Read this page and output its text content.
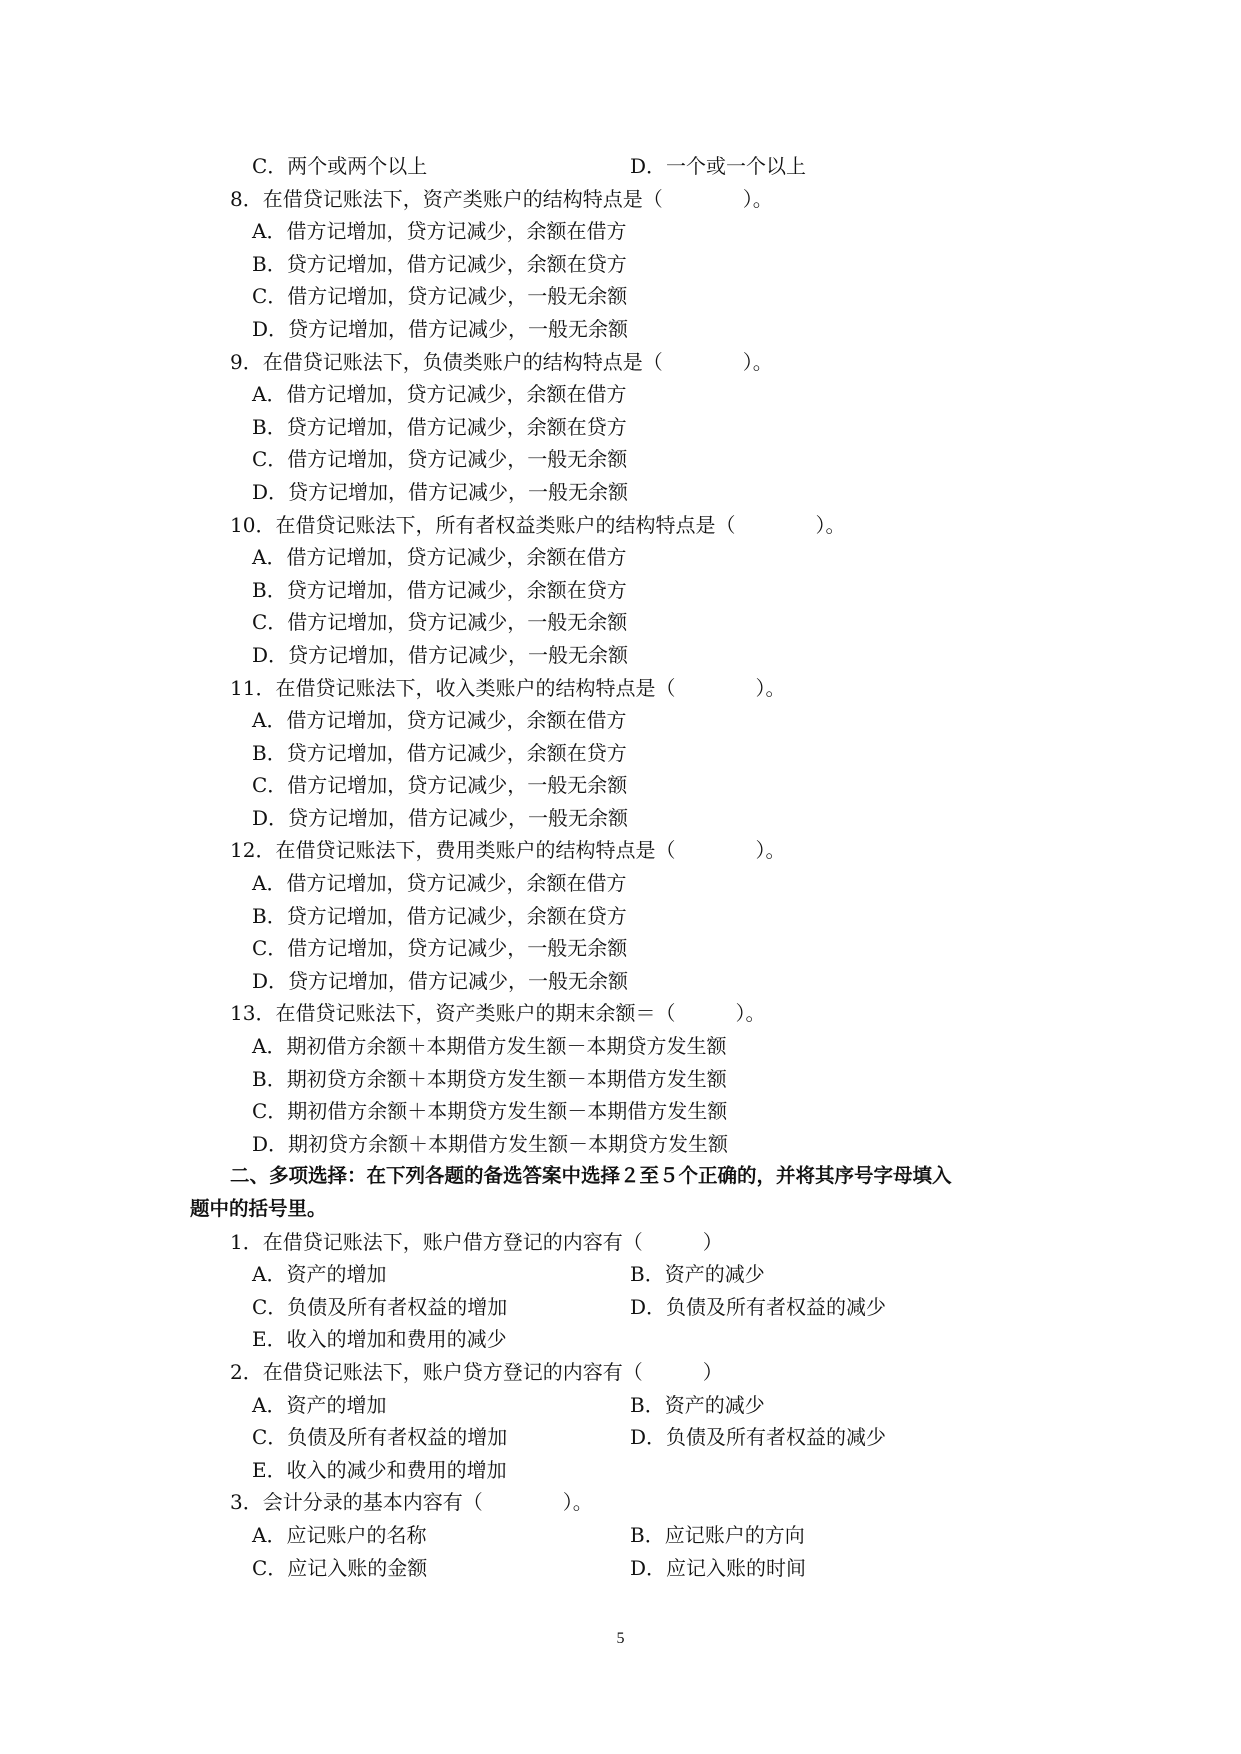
C．两个或两个以上	D．一个或一个以上
8．在借贷记账法下，资产类账户的结构特点是（　　　　）。
A．借方记增加，贷方记减少，余额在借方
B．贷方记增加，借方记减少，余额在贷方
C．借方记增加，贷方记减少，一般无余额
D．贷方记增加，借方记减少，一般无余额
9．在借贷记账法下，负债类账户的结构特点是（　　　　）。
A．借方记增加，贷方记减少，余额在借方
B．贷方记增加，借方记减少，余额在贷方
C．借方记增加，贷方记减少，一般无余额
D．贷方记增加，借方记减少，一般无余额
10．在借贷记账法下，所有者权益类账户的结构特点是（　　　　）。
A．借方记增加，贷方记减少，余额在借方
B．贷方记增加，借方记减少，余额在贷方
C．借方记增加，贷方记减少，一般无余额
D．贷方记增加，借方记减少，一般无余额
11．在借贷记账法下，收入类账户的结构特点是（　　　　）。
A．借方记增加，贷方记减少，余额在借方
B．贷方记增加，借方记减少，余额在贷方
C．借方记增加，贷方记减少，一般无余额
D．贷方记增加，借方记减少，一般无余额
12．在借贷记账法下，费用类账户的结构特点是（　　　　）。
A．借方记增加，贷方记减少，余额在借方
B．贷方记增加，借方记减少，余额在贷方
C．借方记增加，贷方记减少，一般无余额
D．贷方记增加，借方记减少，一般无余额
13．在借贷记账法下，资产类账户的期末余额＝（　　　）。
A．期初借方余额＋本期借方发生额－本期贷方发生额
B．期初贷方余额＋本期贷方发生额－本期借方发生额
C．期初借方余额＋本期贷方发生额－本期借方发生额
D．期初贷方余额＋本期借方发生额－本期贷方发生额
二、多项选择：在下列各题的备选答案中选择２至５个正确的，并将其序号字母填入
题中的括号里。
1．在借贷记账法下，账户借方登记的内容有（　　　）
A．资产的增加	B．资产的减少
C．负债及所有者权益的增加	D．负债及所有者权益的减少
E．收入的增加和费用的减少
2．在借贷记账法下，账户贷方登记的内容有（　　　）
A．资产的增加	B．资产的减少
C．负债及所有者权益的增加	D．负债及所有者权益的减少
E．收入的减少和费用的增加
3．会计分录的基本内容有（　　　　）。
A．应记账户的名称	B．应记账户的方向
C．应记入账的金额	D．应记入账的时间
5
